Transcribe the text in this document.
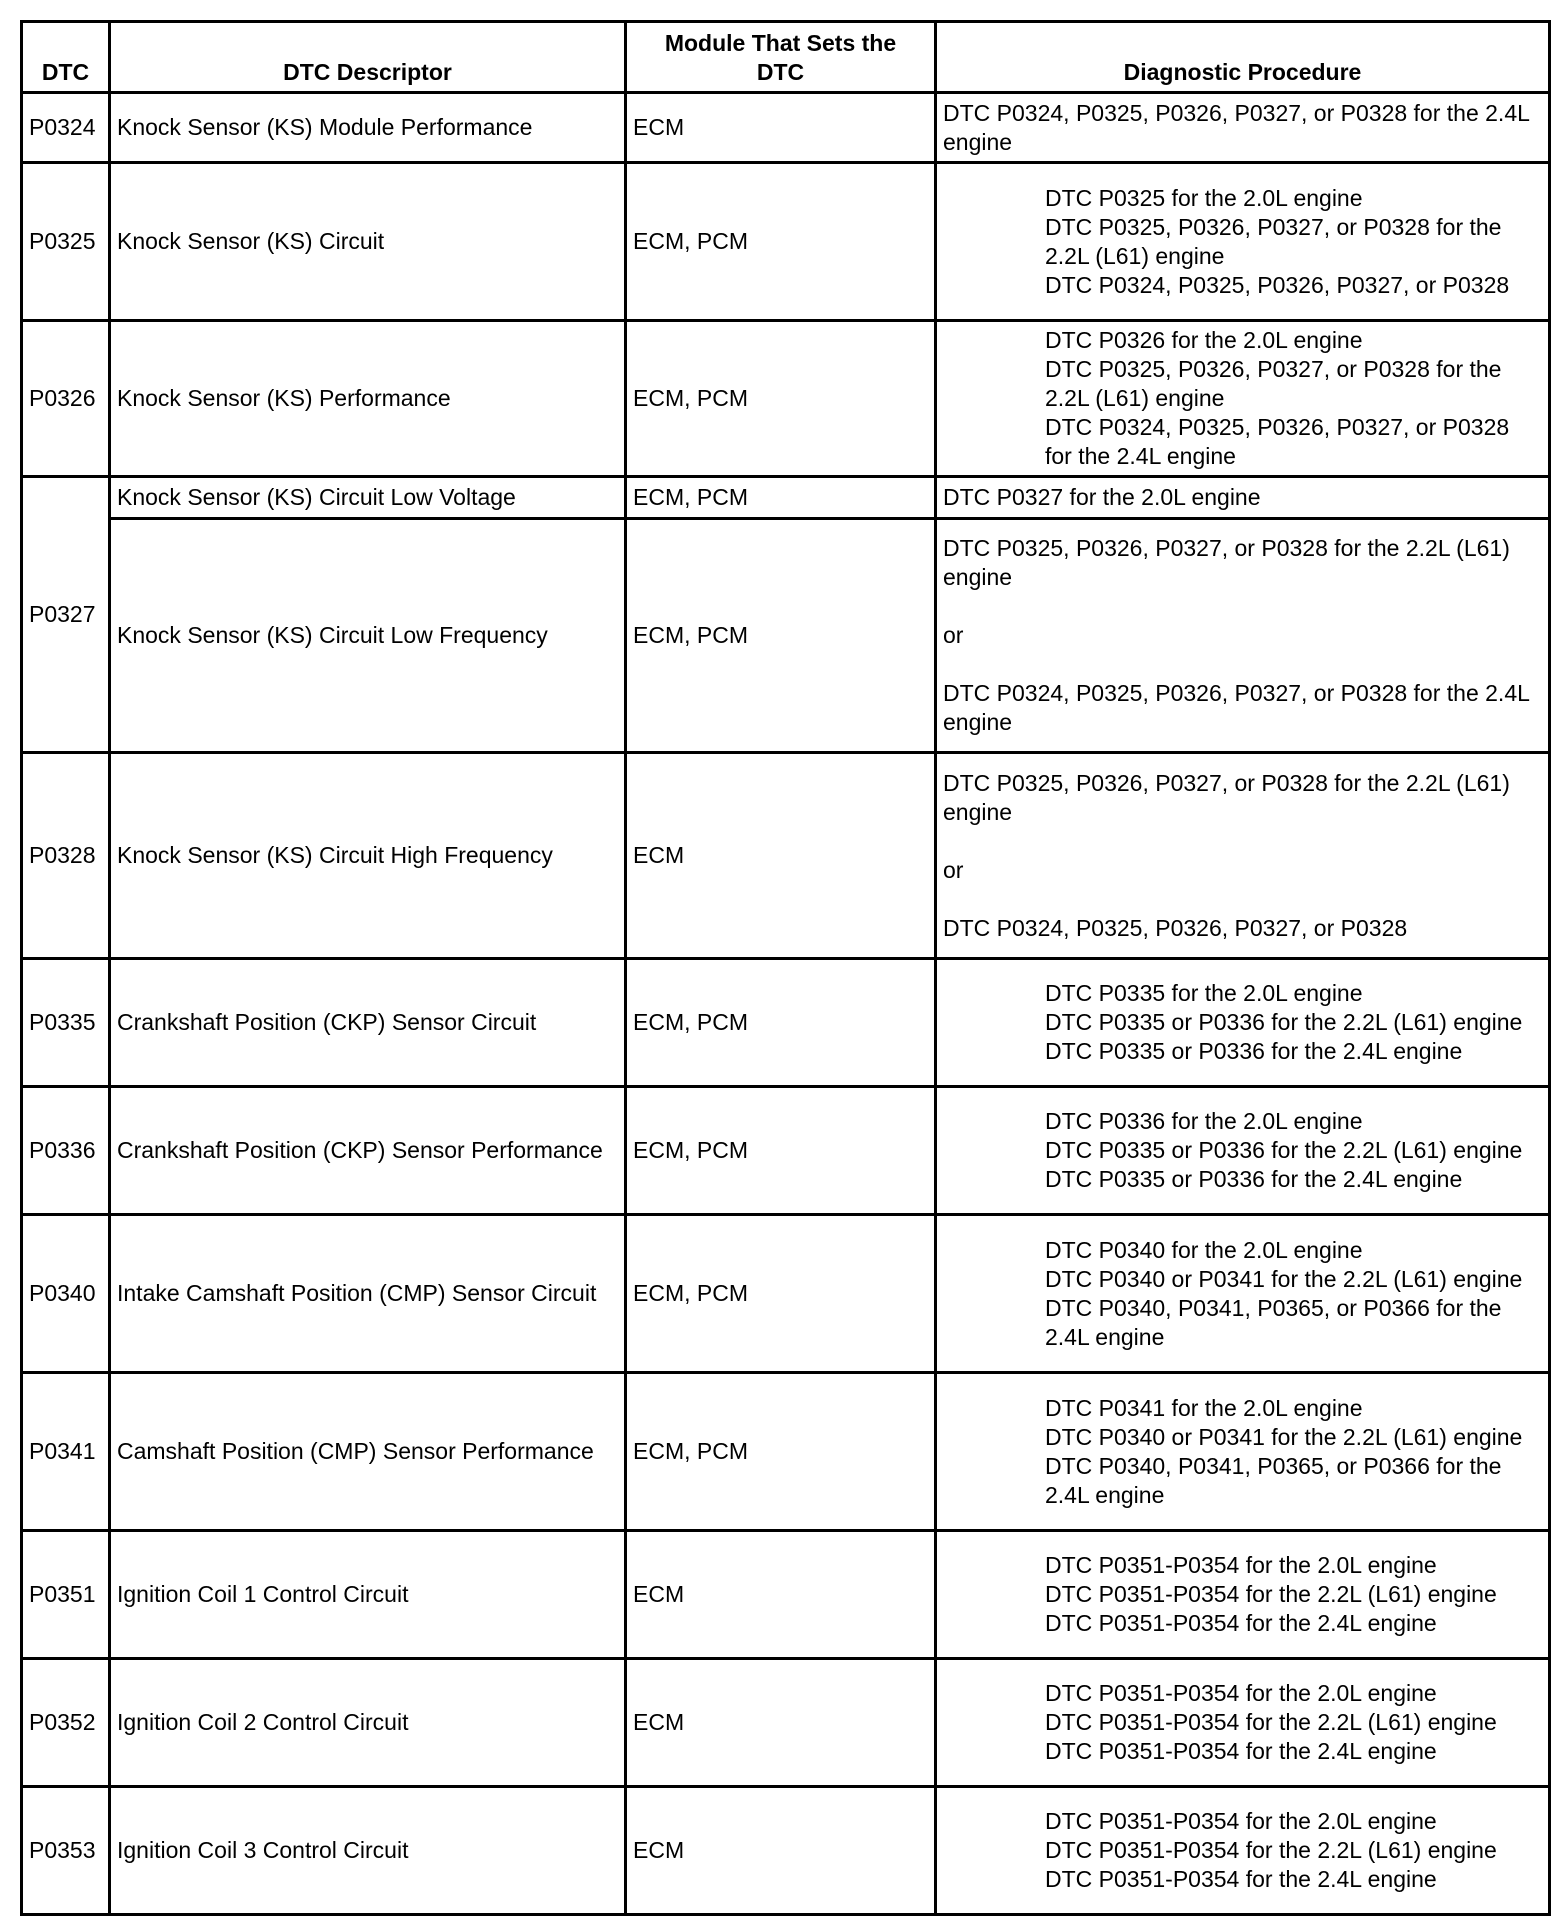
DTC	DTC Descriptor	Module That Sets the DTC	Diagnostic Procedure
P0324	Knock Sensor (KS) Module Performance	ECM	DTC P0324, P0325, P0326, P0327, or P0328 for the 2.4L engine

P0325	Knock Sensor (KS) Circuit	ECM, PCM	DTC P0325 for the 2.0L engine
DTC P0325, P0326, P0327, or P0328 for the 2.2L (L61) engine
DTC P0324, P0325, P0326, P0327, or P0328

P0326	Knock Sensor (KS) Performance	ECM, PCM	DTC P0326 for the 2.0L engine
DTC P0325, P0326, P0327, or P0328 for the 2.2L (L61) engine
DTC P0324, P0325, P0326, P0327, or P0328 for the 2.4L engine

P0327	Knock Sensor (KS) Circuit Low Voltage	ECM, PCM	DTC P0327 for the 2.0L engine

	Knock Sensor (KS) Circuit Low Frequency	ECM, PCM	DTC P0325, P0326, P0327, or P0328 for the 2.2L (L61) engine
or
DTC P0324, P0325, P0326, P0327, or P0328 for the 2.4L engine

P0328	Knock Sensor (KS) Circuit High Frequency	ECM	DTC P0325, P0326, P0327, or P0328 for the 2.2L (L61) engine
or
DTC P0324, P0325, P0326, P0327, or P0328

P0335	Crankshaft Position (CKP) Sensor Circuit	ECM, PCM	DTC P0335 for the 2.0L engine
DTC P0335 or P0336 for the 2.2L (L61) engine
DTC P0335 or P0336 for the 2.4L engine

P0336	Crankshaft Position (CKP) Sensor Performance	ECM, PCM	DTC P0336 for the 2.0L engine
DTC P0335 or P0336 for the 2.2L (L61) engine
DTC P0335 or P0336 for the 2.4L engine

P0340	Intake Camshaft Position (CMP) Sensor Circuit	ECM, PCM	DTC P0340 for the 2.0L engine
DTC P0340 or P0341 for the 2.2L (L61) engine
DTC P0340, P0341, P0365, or P0366 for the 2.4L engine

P0341	Camshaft Position (CMP) Sensor Performance	ECM, PCM	DTC P0341 for the 2.0L engine
DTC P0340 or P0341 for the 2.2L (L61) engine
DTC P0340, P0341, P0365, or P0366 for the 2.4L engine

P0351	Ignition Coil 1 Control Circuit	ECM	DTC P0351-P0354 for the 2.0L engine
DTC P0351-P0354 for the 2.2L (L61) engine
DTC P0351-P0354 for the 2.4L engine

P0352	Ignition Coil 2 Control Circuit	ECM	DTC P0351-P0354 for the 2.0L engine
DTC P0351-P0354 for the 2.2L (L61) engine
DTC P0351-P0354 for the 2.4L engine

P0353	Ignition Coil 3 Control Circuit	ECM	DTC P0351-P0354 for the 2.0L engine
DTC P0351-P0354 for the 2.2L (L61) engine
DTC P0351-P0354 for the 2.4L engine
